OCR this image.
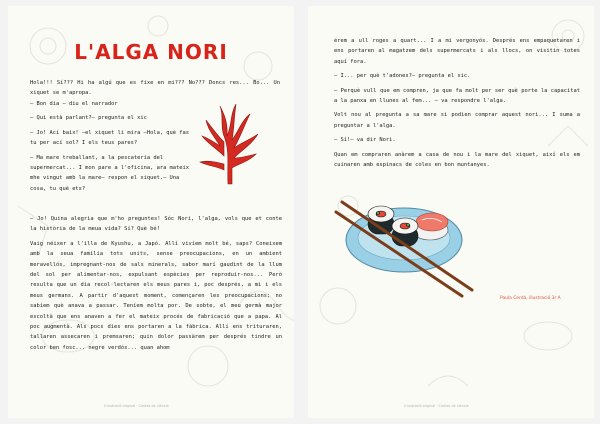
L'ALGA NORI

Hola!!! Sí??? Hi ha algú que es fixe en mi??? No??? Doncs res... Bo... Un xiquet se m'apropa.

– Bon dia – diu el narrador

– Qui està parlant?– pregunta el xic

– Jo! Ací baix! –el xiquet li mira –Hola, què fas tu per ací sol? I els teus pares?

– Ma mare treballant, a la pescateria del supermercat... I mon pare a l'oficina, ara mateix mhe vingut amb la mare– respon el xiquet.– Una cosa, tu què ets?

– Jo! Quina alegria que m'ho preguntes! Sóc Nori, l'alga, vols que et conte la història de la meua vida? Sí? Què bé!

Vaig néixer a l'illa de Kyushu, a Japó. Allí vivíem molt bé, saps? Coneixem amb la seua família tots units, sense preocupacions, en un ambient meravellós, impregnant-nos de sals minerals, sabor marí gaudint de la llum del sol per alimentar-nos, expulsant espècies per reproduir-nos... Però resulta que un dia recol·lectaren els meus pares i, poc després, a mi i els meus germans. A partir d'aquest moment, començaren les preocupacions; no sabíem què anava a passar. Teníem molta por. De sobte, el meu germà major escoltà que ens anaven a fer el mateix procés de fabricació que a papa. Al poc augmentà. Als pocs dies ens portaren a la fàbrica. Allí ens trituraren, tallaren assecaren i premsaren; quin dolor passàrem per després tindre un color ben fosc... negre verdós... quan ahom

Il·lustració original · Contes de ciència

érem a ull roges a quart... I a mi vergonyós. Després ens empaquetaren i ens portaren al magatzem dels supermercats i als llocs, on visitin totes aquí fora.

– I... per què t'adones?– pregunta el xic.

– Perquè vull que em compren, ja que fa molt per ser què porte la capacitat a la panxa en llunes al fem... – va respondre l'alga.

Volt nou al pregunta a sa mare si podien comprar aquest nori... I suma a preguntar a l'alga.

– Sí!– va dir Nori.

Quan em compraren anàrem a casa de nou i la mare del xiquet, així els em cuinaren amb espinacs de coles en bon muntanyes.

Il·lustració original · Contes de ciència
Paula Cerdà, illustració 3r A
